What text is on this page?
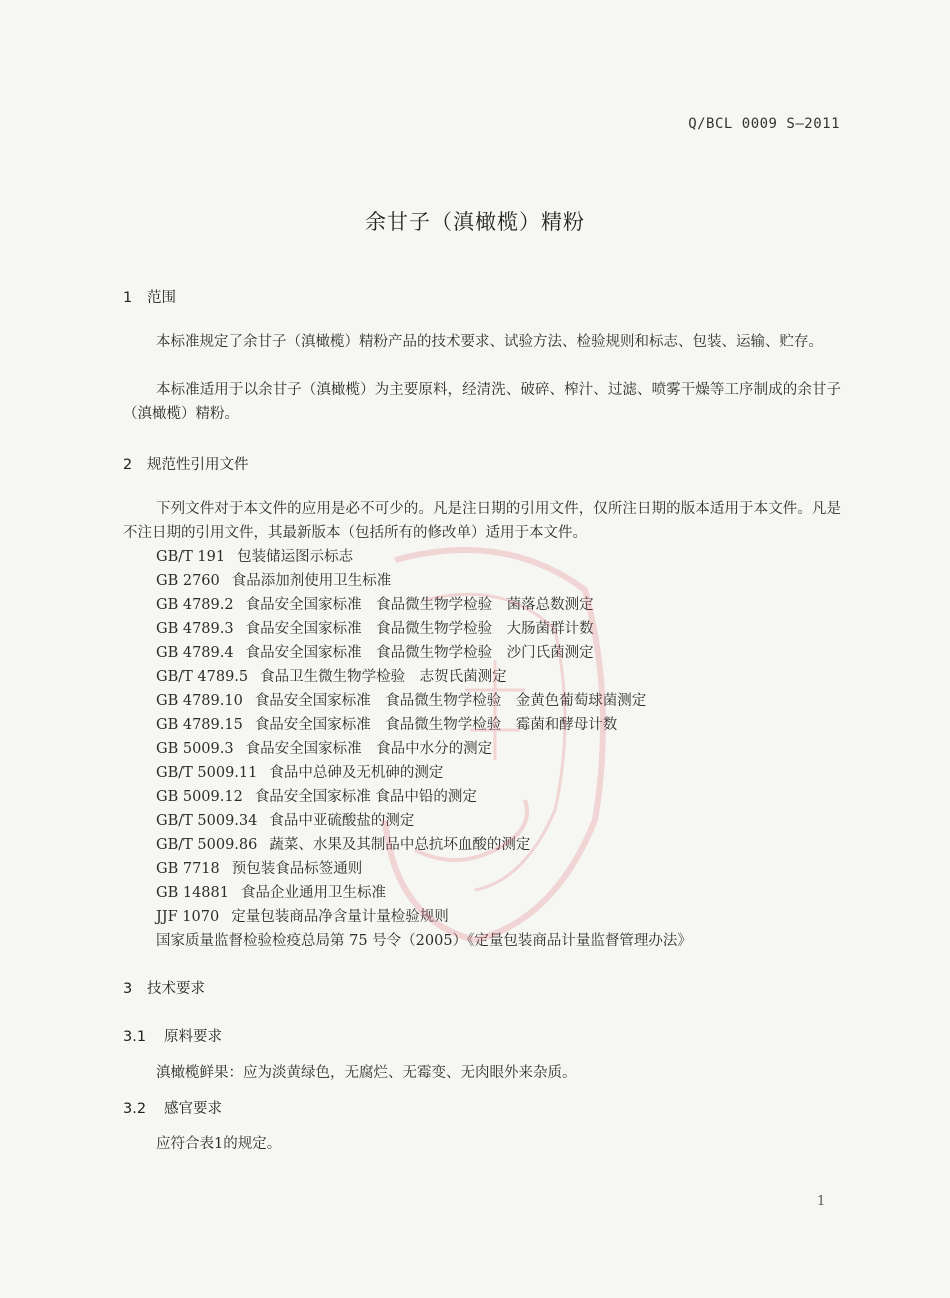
Q/BCL 0009 S—2011
余甘子（滇橄榄）精粉
1 范围
本标准规定了余甘子（滇橄榄）精粉产品的技术要求、试验方法、检验规则和标志、包装、运输、贮存。
本标准适用于以余甘子（滇橄榄）为主要原料，经清洗、破碎、榨汁、过滤、喷雾干燥等工序制成的余甘子（滇橄榄）精粉。
2 规范性引用文件
下列文件对于本文件的应用是必不可少的。凡是注日期的引用文件，仅所注日期的版本适用于本文件。凡是不注日期的引用文件，其最新版本（包括所有的修改单）适用于本文件。
GB/T 191 包装储运图示标志
GB 2760 食品添加剂使用卫生标准
GB 4789.2 食品安全国家标准　食品微生物学检验　菌落总数测定
GB 4789.3 食品安全国家标准　食品微生物学检验　大肠菌群计数
GB 4789.4 食品安全国家标准　食品微生物学检验　沙门氏菌测定
GB/T 4789.5 食品卫生微生物学检验　志贺氏菌测定
GB 4789.10 食品安全国家标准　食品微生物学检验　金黄色葡萄球菌测定
GB 4789.15 食品安全国家标准　食品微生物学检验　霉菌和酵母计数
GB 5009.3 食品安全国家标准　食品中水分的测定
GB/T 5009.11 食品中总砷及无机砷的测定
GB 5009.12 食品安全国家标准 食品中铅的测定
GB/T 5009.34 食品中亚硫酸盐的测定
GB/T 5009.86 蔬菜、水果及其制品中总抗坏血酸的测定
GB 7718 预包装食品标签通则
GB 14881 食品企业通用卫生标准
JJF 1070 定量包装商品净含量计量检验规则
国家质量监督检验检疫总局第 75 号令（2005）《定量包装商品计量监督管理办法》
3 技术要求
3.1 原料要求
滇橄榄鲜果：应为淡黄绿色，无腐烂、无霉变、无肉眼外来杂质。
3.2 感官要求
应符合表1的规定。
1
